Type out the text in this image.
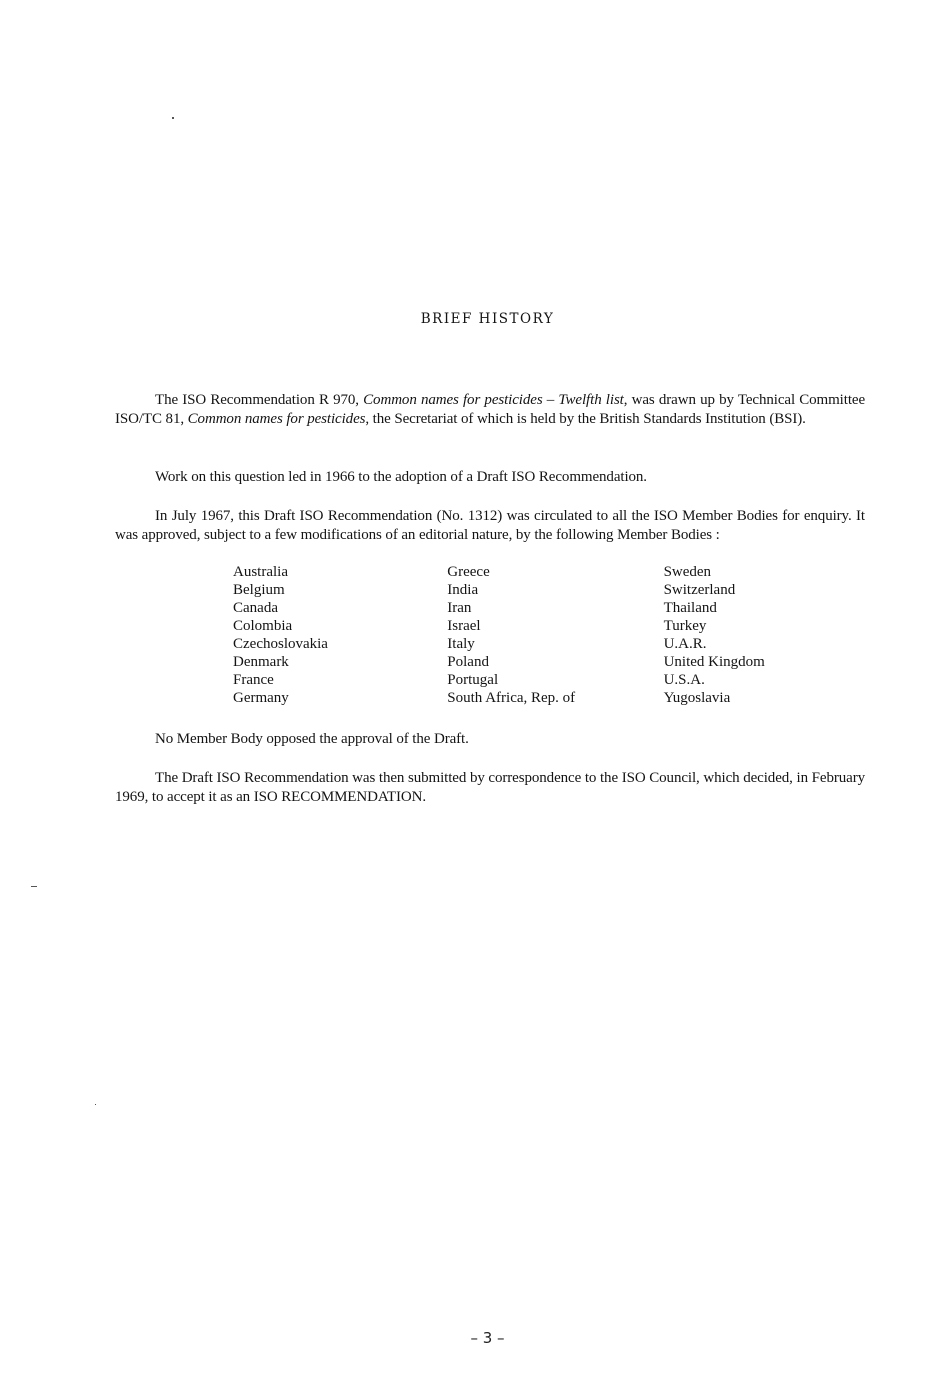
BRIEF HISTORY
The ISO Recommendation R 970, Common names for pesticides – Twelfth list, was drawn up by Technical Committee ISO/TC 81, Common names for pesticides, the Secretariat of which is held by the British Standards Institution (BSI).
Work on this question led in 1966 to the adoption of a Draft ISO Recommendation.
In July 1967, this Draft ISO Recommendation (No. 1312) was circulated to all the ISO Member Bodies for enquiry. It was approved, subject to a few modifications of an editorial nature, by the following Member Bodies :
Australia
Belgium
Canada
Colombia
Czechoslovakia
Denmark
France
Germany
Greece
India
Iran
Israel
Italy
Poland
Portugal
South Africa, Rep. of
Sweden
Switzerland
Thailand
Turkey
U.A.R.
United Kingdom
U.S.A.
Yugoslavia
No Member Body opposed the approval of the Draft.
The Draft ISO Recommendation was then submitted by correspondence to the ISO Council, which decided, in February 1969, to accept it as an ISO RECOMMENDATION.
– 3 –
